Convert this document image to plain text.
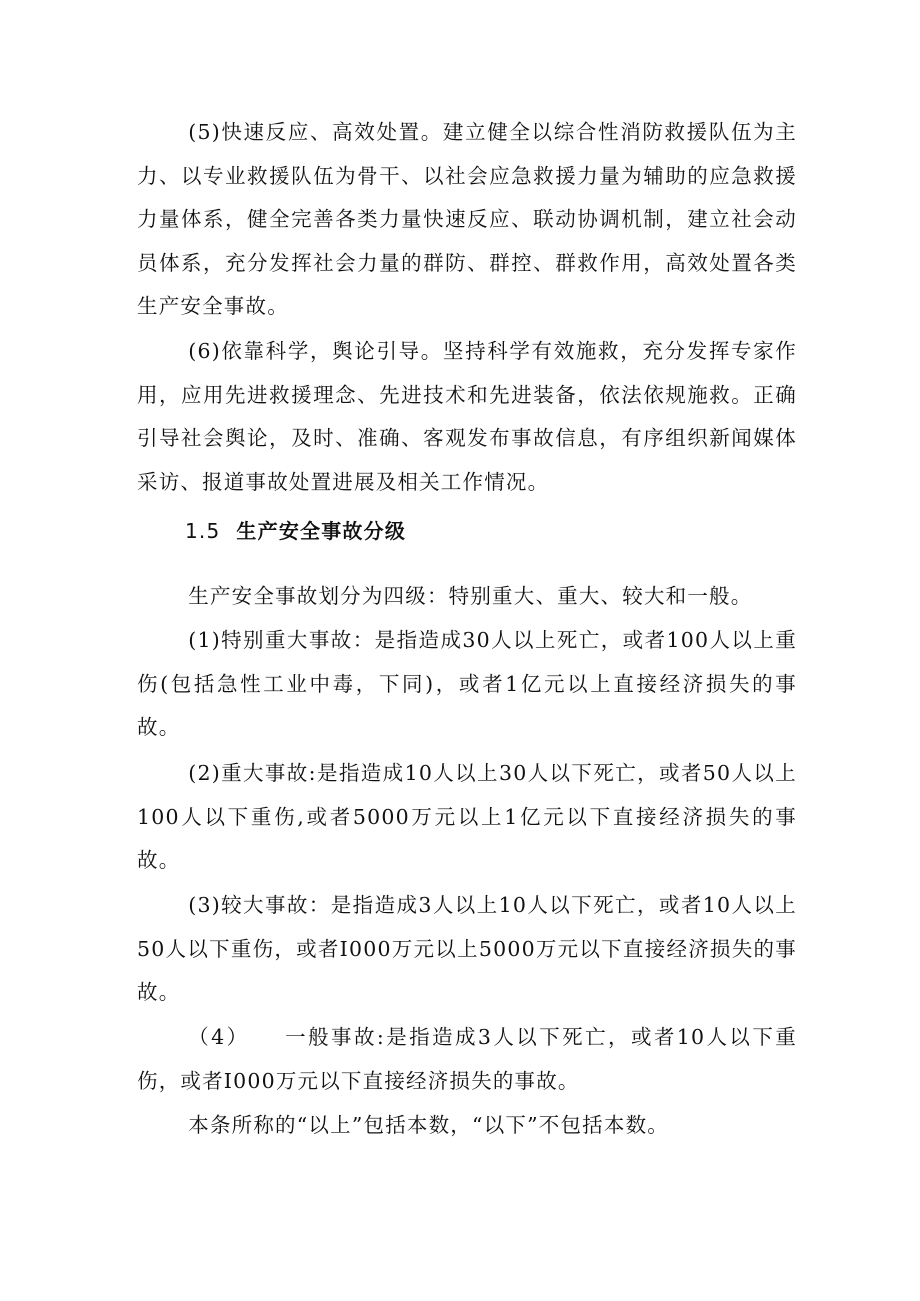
(5)快速反应、高效处置。建立健全以综合性消防救援队伍为主力、以专业救援队伍为骨干、以社会应急救援力量为辅助的应急救援力量体系，健全完善各类力量快速反应、联动协调机制，建立社会动员体系，充分发挥社会力量的群防、群控、群救作用，高效处置各类生产安全事故。

(6)依靠科学，舆论引导。坚持科学有效施救，充分发挥专家作用，应用先进救援理念、先进技术和先进装备，依法依规施救。正确引导社会舆论，及时、准确、客观发布事故信息，有序组织新闻媒体采访、报道事故处置进展及相关工作情况。

1.5 生产安全事故分级

生产安全事故划分为四级：特别重大、重大、较大和一般。

(1)特别重大事故：是指造成30人以上死亡，或者100人以上重伤(包括急性工业中毒，下同)，或者1亿元以上直接经济损失的事故。

(2)重大事故:是指造成10人以上30人以下死亡，或者50人以上100人以下重伤,或者5000万元以上1亿元以下直接经济损失的事故。

(3)较大事故：是指造成3人以上10人以下死亡，或者10人以上50人以下重伤，或者I000万元以上5000万元以下直接经济损失的事故。

（4）　　一般事故:是指造成3人以下死亡，或者10人以下重伤，或者I000万元以下直接经济损失的事故。

本条所称的“以上”包括本数，“以下”不包括本数。
